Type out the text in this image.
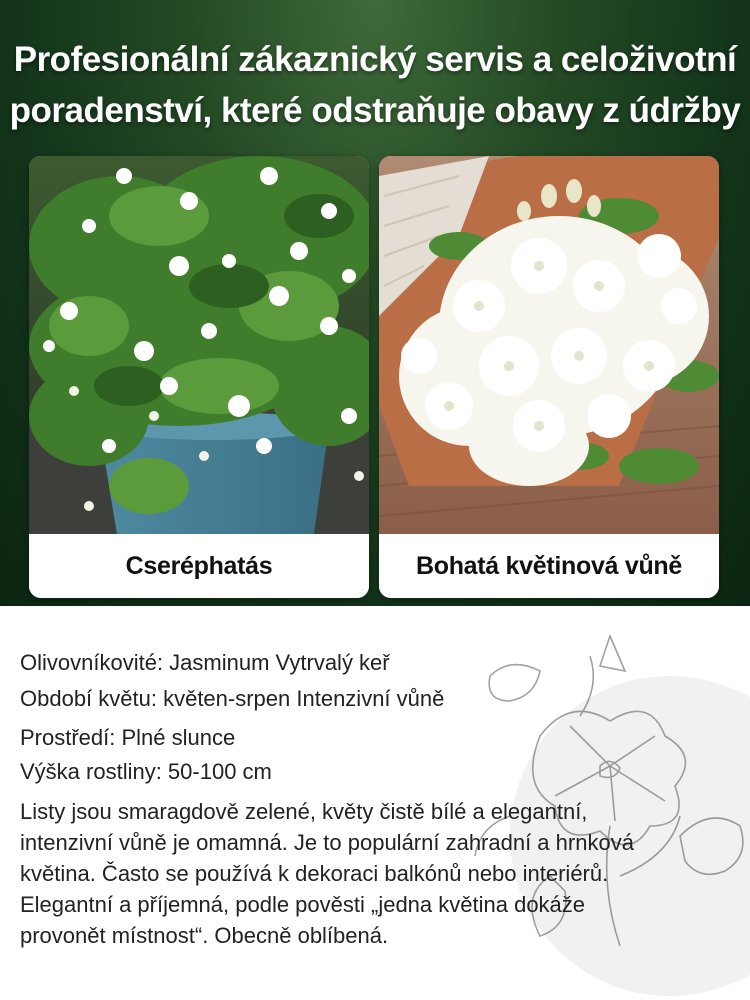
Profesionální zákaznický servis a celoživotní
poradenství, které odstraňuje obavy z údržby
Cseréphatás	Bohatá květinová vůně
Olivovníkovité: Jasminum Vytrvalý keř
Období květu: květen-srpen Intenzivní vůně
Prostředí: Plné slunce
Výška rostliny: 50-100 cm
Listy jsou smaragdově zelené, květy čistě bílé a elegantní, intenzivní vůně je omamná. Je to populární zahradní a hrnková květina. Často se používá k dekoraci balkónů nebo interiérů. Elegantní a příjemná, podle pověsti „jedna květina dokáže provonět místnost“. Obecně oblíbená.
